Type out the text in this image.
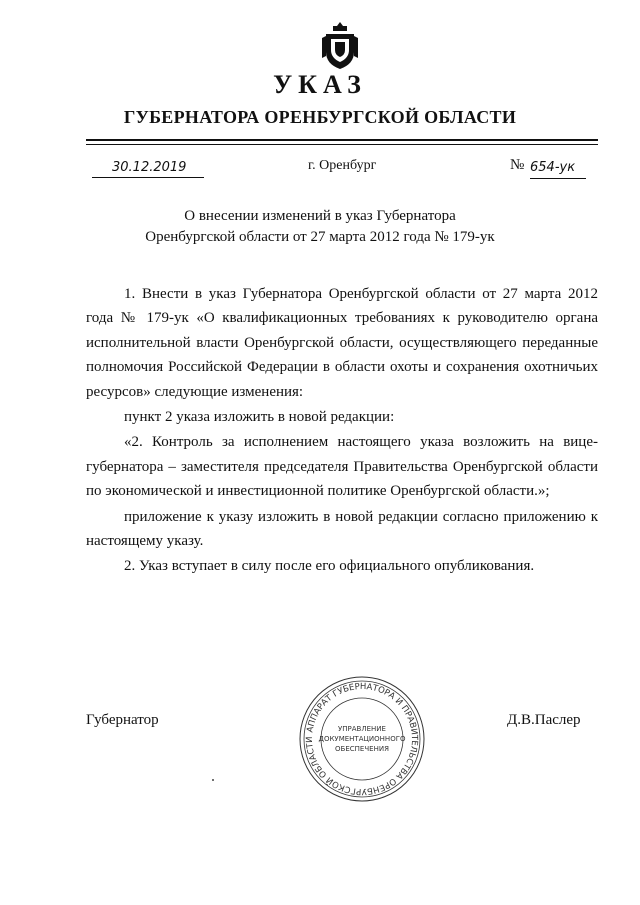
УКАЗ
ГУБЕРНАТОРА ОРЕНБУРГСКОЙ ОБЛАСТИ
30.12.2019	г. Оренбург	№ 654-ук
О внесении изменений в указ Губернатора
Оренбургской области от 27 марта 2012 года № 179-ук

1. Внести в указ Губернатора Оренбургской области от 27 марта 2012 года № 179-ук «О квалификационных требованиях к руководителю органа исполнительной власти Оренбургской области, осуществляющего переданные полномочия Российской Федерации в области охоты и сохранения охотничьих ресурсов» следующие изменения:

пункт 2 указа изложить в новой редакции:

«2. Контроль за исполнением настоящего указа возложить на вице-губернатора – заместителя председателя Правительства Оренбургской области по экономической и инвестиционной политике Оренбургской области.»;

приложение к указу изложить в новой редакции согласно приложению к настоящему указу.

2. Указ вступает в силу после его официального опубликования.

Губернатор	Д.В.Паслер
АППАРАТ ГУБЕРНАТОРА И ПРАВИТЕЛЬСТВА ОРЕНБУРГСКОЙ ОБЛАСТИ
УПРАВЛЕНИЕ
ДОКУМЕНТАЦИОННОГО
ОБЕСПЕЧЕНИЯ
